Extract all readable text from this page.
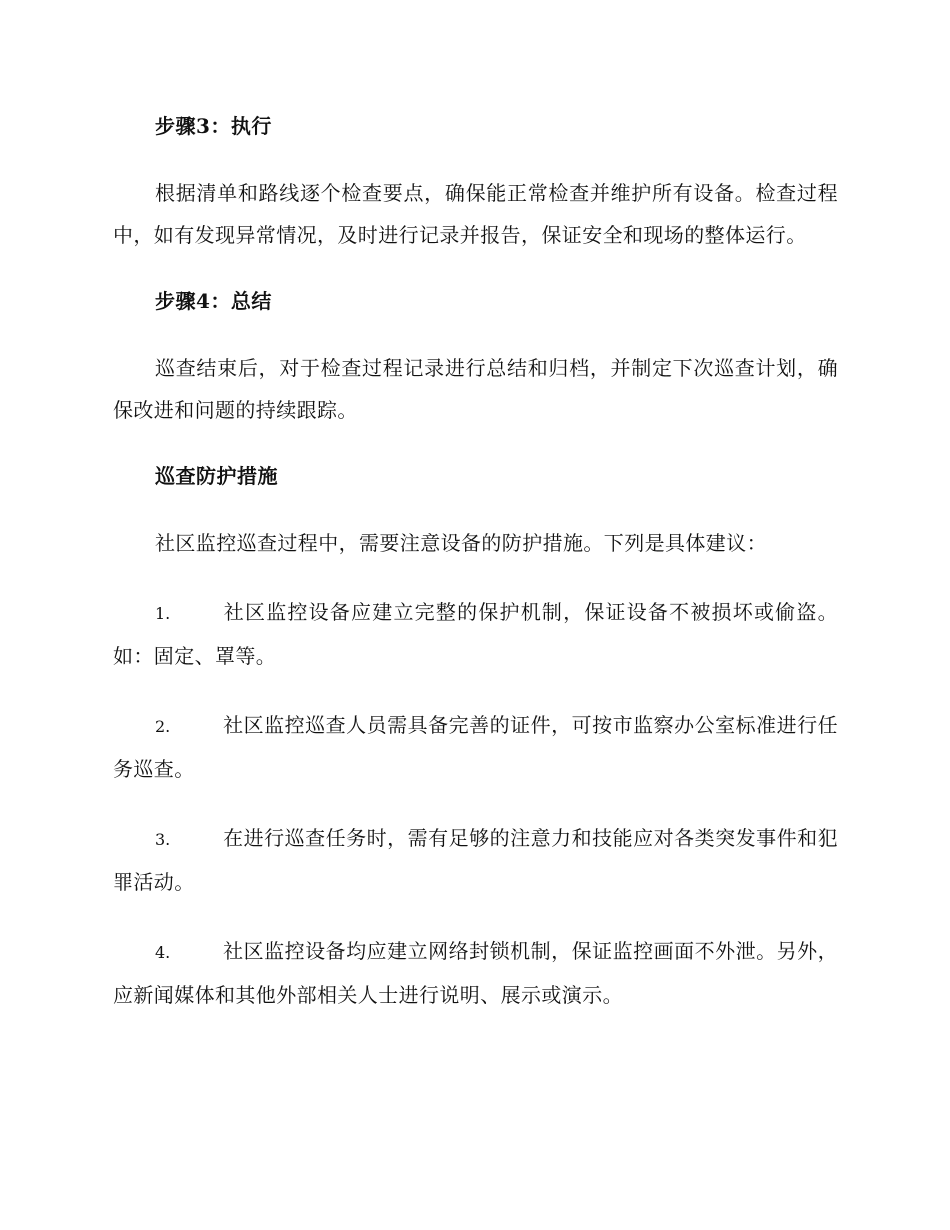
步骤3：执行

根据清单和路线逐个检查要点，确保能正常检查并维护所有设备。检查过程中，如有发现异常情况，及时进行记录并报告，保证安全和现场的整体运行。

步骤4：总结

巡查结束后，对于检查过程记录进行总结和归档，并制定下次巡查计划，确保改进和问题的持续跟踪。

巡查防护措施

社区监控巡查过程中，需要注意设备的防护措施。下列是具体建议：

1.	社区监控设备应建立完整的保护机制，保证设备不被损坏或偷盗。如：固定、罩等。
2.	社区监控巡查人员需具备完善的证件，可按市监察办公室标准进行任务巡查。
3.	在进行巡查任务时，需有足够的注意力和技能应对各类突发事件和犯罪活动。
4.	社区监控设备均应建立网络封锁机制，保证监控画面不外泄。另外，应新闻媒体和其他外部相关人士进行说明、展示或演示。
